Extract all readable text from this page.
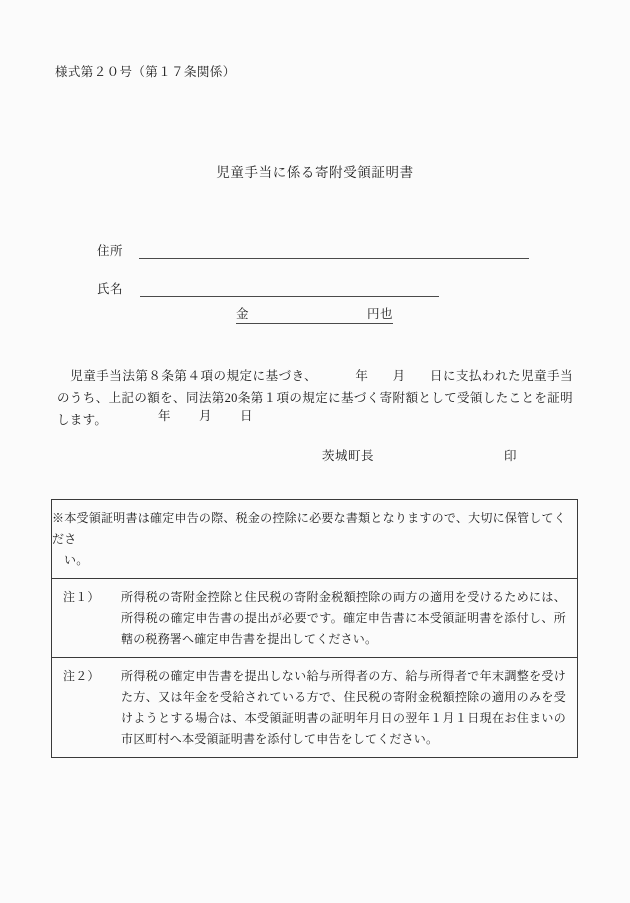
様式第２０号（第１７条関係）
児童手当に係る寄附受領証明書
住所
氏名
金	円也

児童手当法第８条第４項の規定に基づき、	年 月 日に支払われた児童手当のうち、上記の額を、同法第20条第１項の規定に基づく寄附額として受領したことを証明します。	年 月 日
茨城町長	印
※本受領証明書は確定申告の際、税金の控除に必要な書類となりますので、大切に保管してくださ
い。
注１）	所得税の寄附金控除と住民税の寄附金税額控除の両方の適用を受けるためには、所得税の確定申告書の提出が必要です。確定申告書に本受領証明書を添付し、所轄の税務署へ確定申告書を提出してください。
注２）	所得税の確定申告書を提出しない給与所得者の方、給与所得者で年末調整を受けた方、又は年金を受給されている方で、住民税の寄附金税額控除の適用のみを受けようとする場合は、本受領証明書の証明年月日の翌年１月１日現在お住まいの市区町村へ本受領証明書を添付して申告をしてください。
